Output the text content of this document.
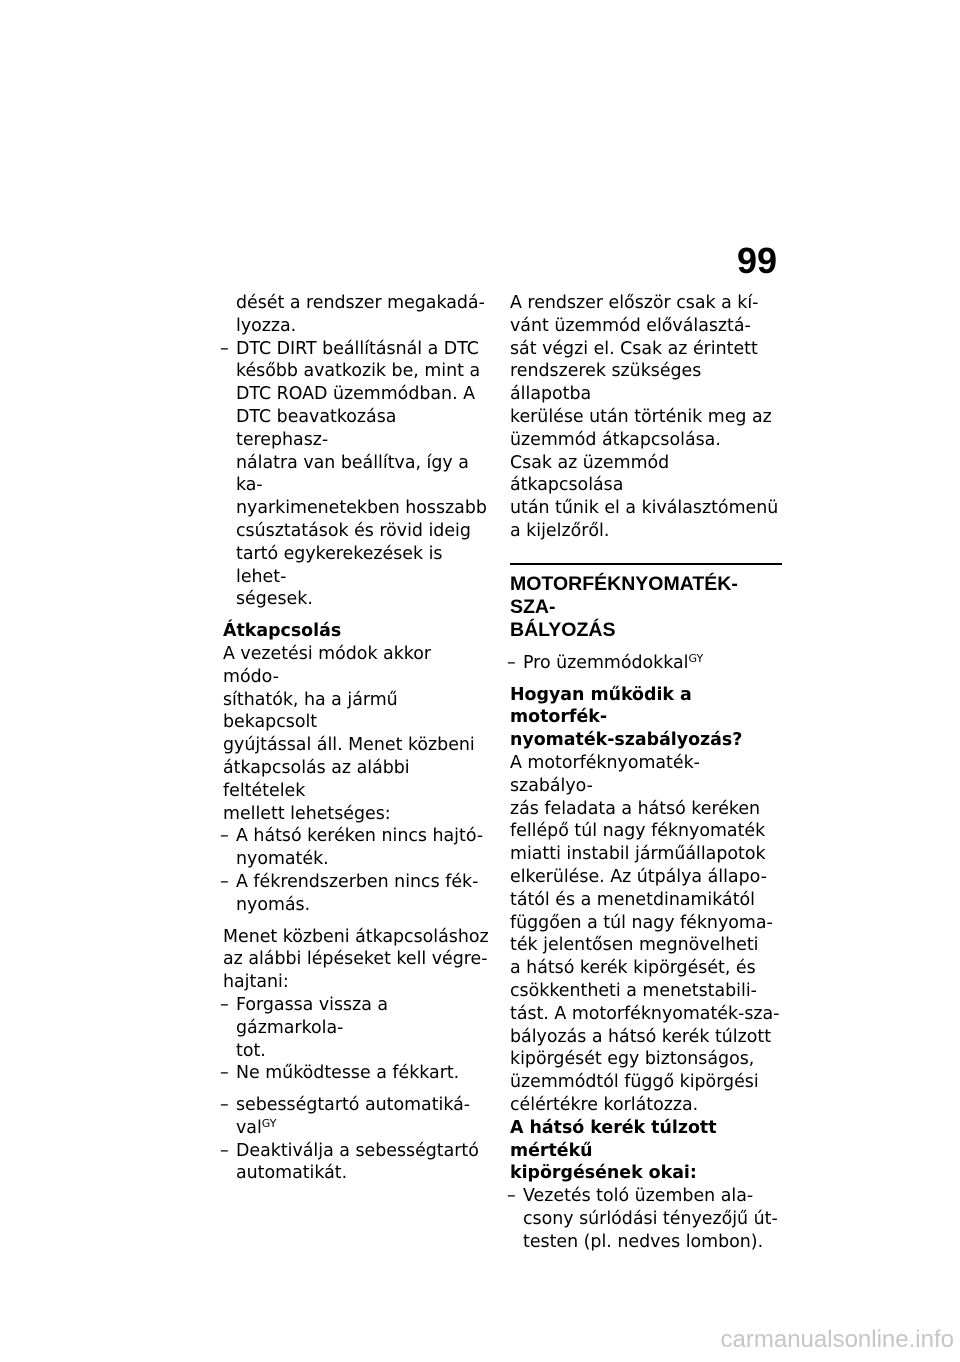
99
dését a rendszer megakadá-
lyozza.
– DTC DIRT beállításnál a DTC
később avatkozik be, mint a
DTC ROAD üzemmódban. A
DTC beavatkozása terephasz-
nálatra van beállítva, így a ka-
nyarkimenetekben hosszabb
csúsztatások és rövid ideig
tartó egykerekezések is lehet-
ségesek.
Átkapcsolás
A vezetési módok akkor módo-
síthatók, ha a jármű bekapcsolt
gyújtással áll. Menet közbeni
átkapcsolás az alábbi feltételek
mellett lehetséges:
– A hátsó keréken nincs hajtó-
nyomaték.
– A fékrendszerben nincs fék-
nyomás.
Menet közbeni átkapcsoláshoz
az alábbi lépéseket kell végre-
hajtani:
– Forgassa vissza a gázmarkola-
tot.
– Ne működtesse a fékkart.
– sebességtartó automatiká-
val$^{GY}$
– Deaktiválja a sebességtartó
automatikát.
A rendszer először csak a kí-
vánt üzemmód előválasztá-
sát végzi el. Csak az érintett
rendszerek szükséges állapotba
kerülése után történik meg az
üzemmód átkapcsolása.
Csak az üzemmód átkapcsolása
után tűnik el a kiválasztómenü
a kijelzőről.
MOTORFÉKNYOMATÉK-SZA-
BÁLYOZÁS
– Pro üzemmódokkal$^{GY}$
Hogyan működik a motorfék-
nyomaték-szabályozás?
A motorféknyomaték-szabályo-
zás feladata a hátsó keréken
fellépő túl nagy féknyomaték
miatti instabil járműállapotok
elkerülése. Az útpálya állapo-
tától és a menetdinamikától
függően a túl nagy féknyoma-
ték jelentősen megnövelheti
a hátsó kerék kipörgését, és
csökkentheti a menetstabili-
tást. A motorféknyomaték-sza-
bályozás a hátsó kerék túlzott
kipörgését egy biztonságos,
üzemmódtól függő kipörgési
célértékre korlátozza.
A hátsó kerék túlzott mértékű
kipörgésének okai:
– Vezetés toló üzemben ala-
csony súrlódási tényezőjű út-
testen (pl. nedves lombon).
carmanualsonline.info
